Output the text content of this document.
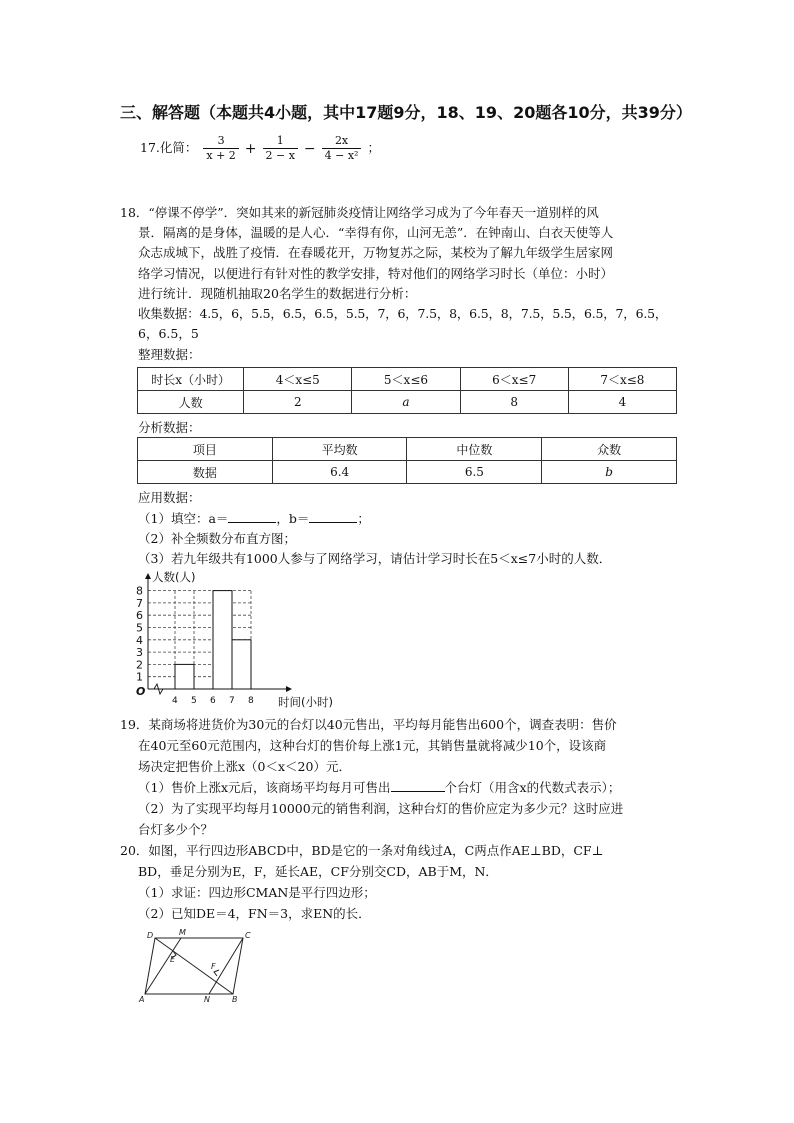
三、解答题（本题共4小题，其中17题9分，18、19、20题各10分，共39分）
17.化简： $\frac{3}{x + 2} + \frac{1}{2 - x} - \frac{2x}{\text{4 − x²}}$ ；
18．“停课不停学”．突如其来的新冠肺炎疫情让网络学习成为了今年春天一道别样的风
景．隔离的是身体，温暖的是人心．“幸得有你，山河无恙”．在钟南山、白衣天使等人
众志成城下，战胜了疫情．在春暖花开，万物复苏之际，某校为了解九年级学生居家网
络学习情况，以便进行有针对性的教学安排，特对他们的网络学习时长（单位：小时）
进行统计．现随机抽取20名学生的数据进行分析：
收集数据：4.5，6，5.5，6.5，6.5，5.5，7，6，7.5，8，6.5，8，7.5，5.5，6.5，7，6.5，
6，6.5，5
整理数据：
时长x（小时）	4＜x≤5	5＜x≤6	6＜x≤7	7＜x≤8
人数	2	a	8	4
分析数据：
项目	平均数	中位数	众数
数据	6.4	6.5	b
应用数据：
（1）填空：a＝	，b＝	；
（2）补全频数分布直方图；
（3）若九年级共有1000人参与了网络学习，请估计学习时长在5＜x≤7小时的人数．
1
2
3
4
5
6
7
8
4 5 6 7 8
O
人数(人)
时间(小时)
19．某商场将进货价为30元的台灯以40元售出，平均每月能售出600个，调查表明：售价
在40元至60元范围内，这种台灯的售价每上涨1元，其销售量就将减少10个，设该商
场决定把售价上涨x（0＜x＜20）元．
（1）售价上涨x元后，该商场平均每月可售出	个台灯（用含x的代数式表示）；
（2）为了实现平均每月10000元的销售利润，这种台灯的售价应定为多少元？这时应进
台灯多少个？
20．如图，平行四边形ABCD中，BD是它的一条对角线过A，C两点作AE⊥BD，CF⊥
BD，垂足分别为E，F，延长AE，CF分别交CD，AB于M，N．
（1）求证：四边形CMAN是平行四边形；
（2）已知DE＝4，FN＝3，求EN的长．
D	M	C
E
F
A	N	B
